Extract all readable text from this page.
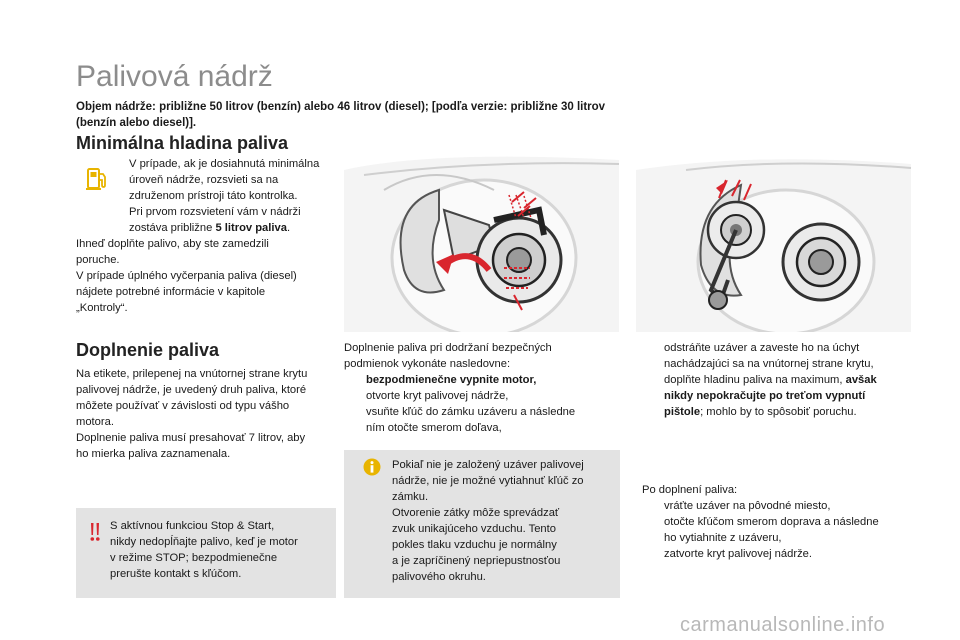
Palivová nádrž
Objem nádrže: približne 50 litrov (benzín) alebo 46 litrov (diesel); [podľa verzie: približne 30 litrov (benzín alebo diesel)].
Minimálna hladina paliva
V prípade, ak je dosiahnutá minimálna
úroveň nádrže, rozsvieti sa na
združenom prístroji táto kontrolka.
Pri prvom rozsvietení vám v nádrži
zostáva približne 5 litrov paliva.
Ihneď doplňte palivo, aby ste zamedzili
poruche.
V prípade úplného vyčerpania paliva (diesel)
nájdete potrebné informácie v kapitole
„Kontroly“.
Doplnenie paliva
Na etikete, prilepenej na vnútornej strane krytu
palivovej nádrže, je uvedený druh paliva, ktoré
môžete používať v závislosti od typu vášho
motora.
Doplnenie paliva musí presahovať 7 litrov, aby
ho mierka paliva zaznamenala.
S aktívnou funkciou Stop & Start,
nikdy nedopĺňajte palivo, keď je motor
v režime STOP; bezpodmienečne
prerušte kontakt s kľúčom.
Doplnenie paliva pri dodržaní bezpečných
podmienok vykonáte nasledovne:
bezpodmienečne vypnite motor,
otvorte kryt palivovej nádrže,
vsuňte kľúč do zámku uzáveru a následne
ním otočte smerom doľava,
Pokiaľ nie je založený uzáver palivovej
nádrže, nie je možné vytiahnuť kľúč zo
zámku.
Otvorenie zátky môže sprevádzať
zvuk unikajúceho vzduchu. Tento
pokles tlaku vzduchu je normálny
a je zapríčinený nepriepustnosťou
palivového okruhu.
odstráňte uzáver a zaveste ho na úchyt
nachádzajúci sa na vnútornej strane krytu,
doplňte hladinu paliva na maximum, avšak
nikdy nepokračujte po treťom vypnutí
pištole; mohlo by to spôsobiť poruchu.
Po doplnení paliva:
vráťte uzáver na pôvodné miesto,
otočte kľúčom smerom doprava a následne
ho vytiahnite z uzáveru,
zatvorte kryt palivovej nádrže.
carmanualsonline.info
